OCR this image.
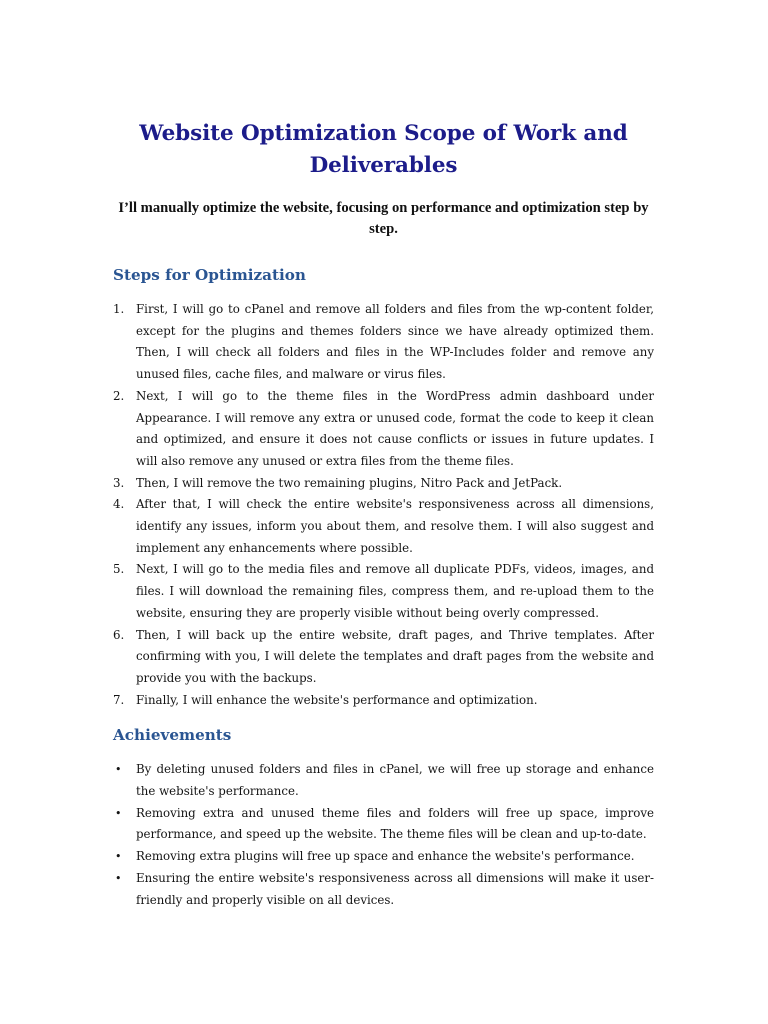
Website Optimization Scope of Work and Deliverables

I’ll manually optimize the website, focusing on performance and optimization step by step.

Steps for Optimization
1. First, I will go to cPanel and remove all folders and files from the wp-content folder, except for the plugins and themes folders since we have already optimized them. Then, I will check all folders and files in the WP-Includes folder and remove any unused files, cache files, and malware or virus files.
2. Next, I will go to the theme files in the WordPress admin dashboard under Appearance. I will remove any extra or unused code, format the code to keep it clean and optimized, and ensure it does not cause conflicts or issues in future updates. I will also remove any unused or extra files from the theme files.
3. Then, I will remove the two remaining plugins, Nitro Pack and JetPack.
4. After that, I will check the entire website's responsiveness across all dimensions, identify any issues, inform you about them, and resolve them. I will also suggest and implement any enhancements where possible.
5. Next, I will go to the media files and remove all duplicate PDFs, videos, images, and files. I will download the remaining files, compress them, and re-upload them to the website, ensuring they are properly visible without being overly compressed.
6. Then, I will back up the entire website, draft pages, and Thrive templates. After confirming with you, I will delete the templates and draft pages from the website and provide you with the backups.
7. Finally, I will enhance the website's performance and optimization.
Achievements
• By deleting unused folders and files in cPanel, we will free up storage and enhance the website's performance.
• Removing extra and unused theme files and folders will free up space, improve performance, and speed up the website. The theme files will be clean and up-to-date.
• Removing extra plugins will free up space and enhance the website's performance.
• Ensuring the entire website's responsiveness across all dimensions will make it user-friendly and properly visible on all devices.
